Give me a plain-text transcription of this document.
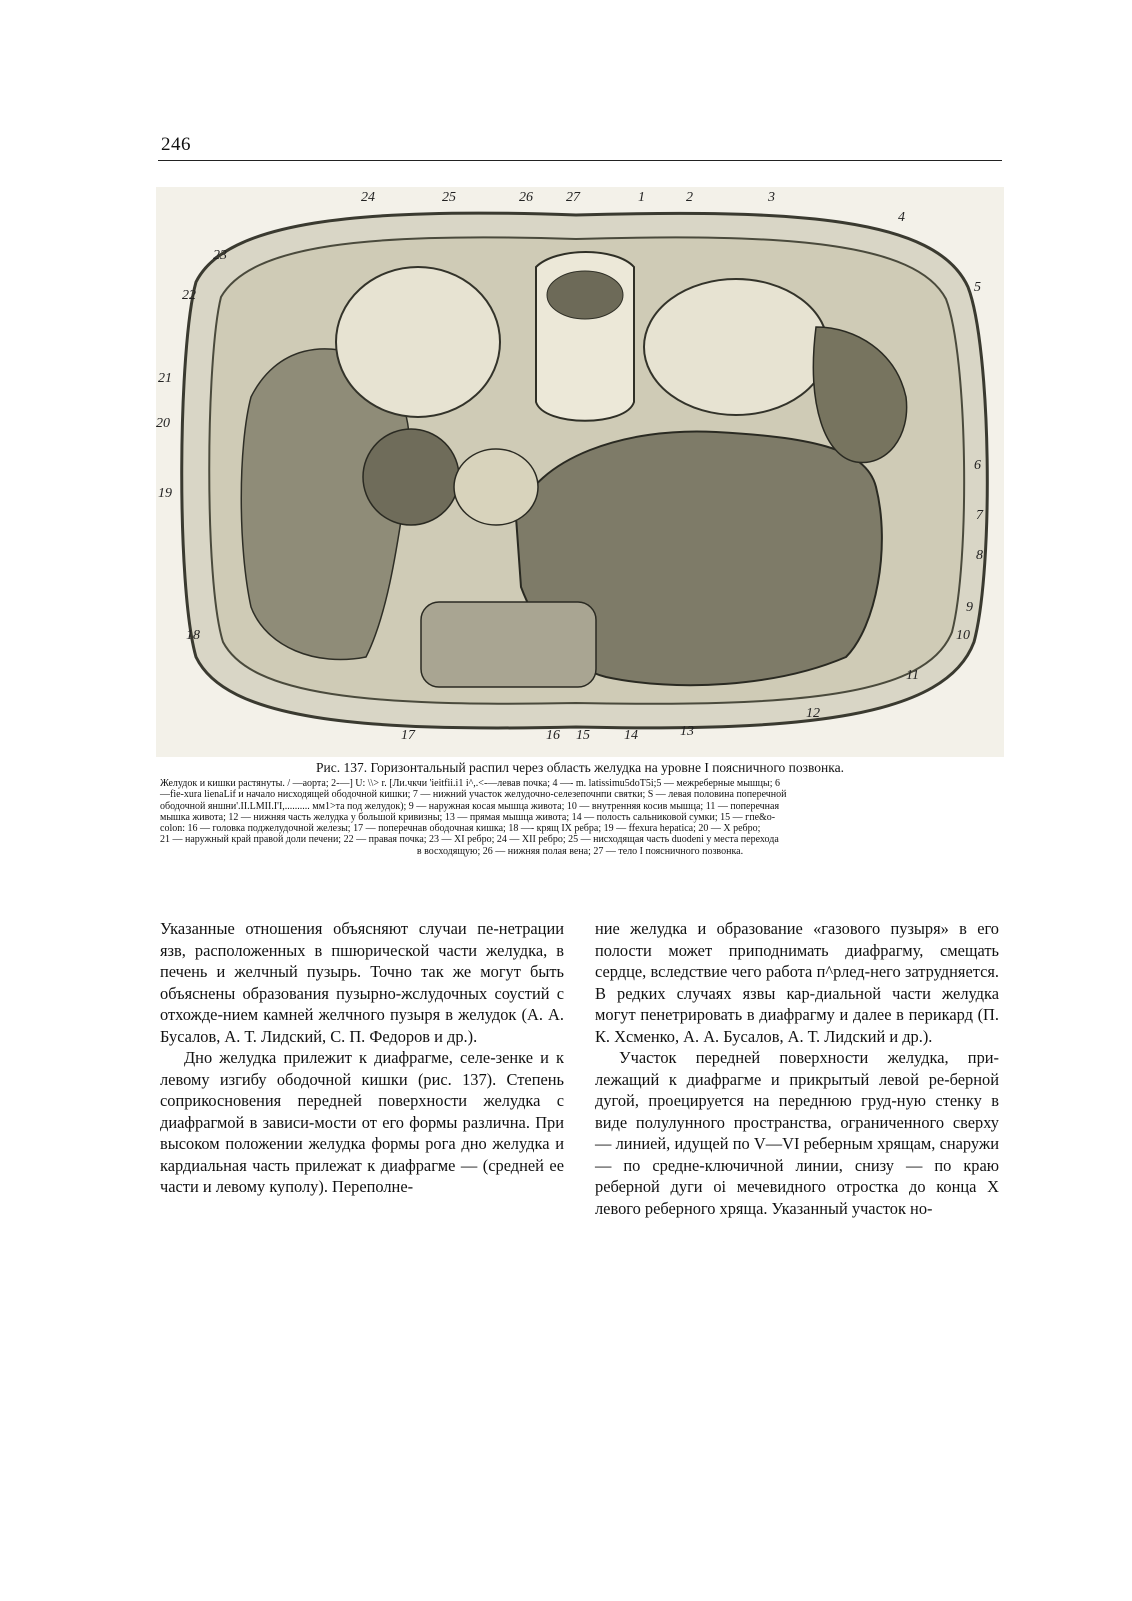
246
24	25	26 27	1	2	3
4
5
6
7
8
9
10
11
12
13
14
15
16
17
18
19
20
21
22
23
Рис. 137. Горизонтальный распил через область желудка на уровне I поясничного позвонка.

Желудок и кишки растянуты. / —аорта; 2-—] U: \\> r. [Ли.чкчи 'ieitfii.i1 i^,.<-—левав почка; 4 —- m. latissimu5doT5i;5 — межреберные мышцы; 6

—fie-xura lienaLif и начало нисходящей ободочной кишки; 7 — нижний участок желудочно-селезепочнпи святки; S — левая половина поперечной

ободочной яншни'.II.LMII.I'I,.......... мм1>та под желудок); 9 — наружная косая мышца живота; 10 — внутренняя косив мышца; 11 — поперечная

мышка живота; 12 — нижняя часть желудка у большой кривизны; 13 — прямая мышца живота; 14 — полость сальниковой сумки; 15 — гпе&о-

colon: 16 — головка поджелудочной железы; 17 — поперечнав ободочная кишка; 18 —- крящ IX ребра; 19 — ffexura hepatica; 20 — X ребро;

21 — наружный край правой доли печени; 22 — правая почка; 23 — XI ребро; 24 — XII ребро; 25 — нисходящая часть duodeni у места перехода

в восходящую; 26 — нижняя полая вена; 27 — тело I поясничного позвонка.

Указанные отношения объясняют случаи пе-нетрации язв, расположенных в пшюрической части желудка, в печень и желчный пузырь. Точно так же могут быть объяснены образования пузырно-жслудочных соустий с отхожде-нием камней желчного пузыря в желудок (А. А. Бусалов, А. Т. Лидский, С. П. Федоров и др.).

Дно желудка прилежит к диафрагме, селе-зенке и к левому изгибу ободочной кишки (рис. 137). Степень соприкосновения передней поверхности желудка с диафрагмой в зависи-мости от его формы различна. При высоком положении желудка формы рога дно желудка и кардиальная часть прилежат к диафрагме — (средней ее части и левому куполу). Переполне-

ние желудка и образование «газового пузыря» в его полости может приподнимать диафрагму, смещать сердце, вследствие чего работа п^рлед-него затрудняется. В редких случаях язвы кар-диальной части желудка могут пенетрировать в диафрагму и далее в перикард (П. К. Хсменко, А. А. Бусалов, А. Т. Лидский и др.).

Участок передней поверхности желудка, при-лежащий к диафрагме и прикрытый левой ре-берной дугой, проецируется на переднюю груд-ную стенку в виде полулунного пространства, ограниченного сверху — линией, идущей по V—VI реберным хрящам, снаружи — по средне-ключичной линии, снизу — по краю реберной дуги оі мечевидного отростка до конца X левого реберного хряща. Указанный участок но-
